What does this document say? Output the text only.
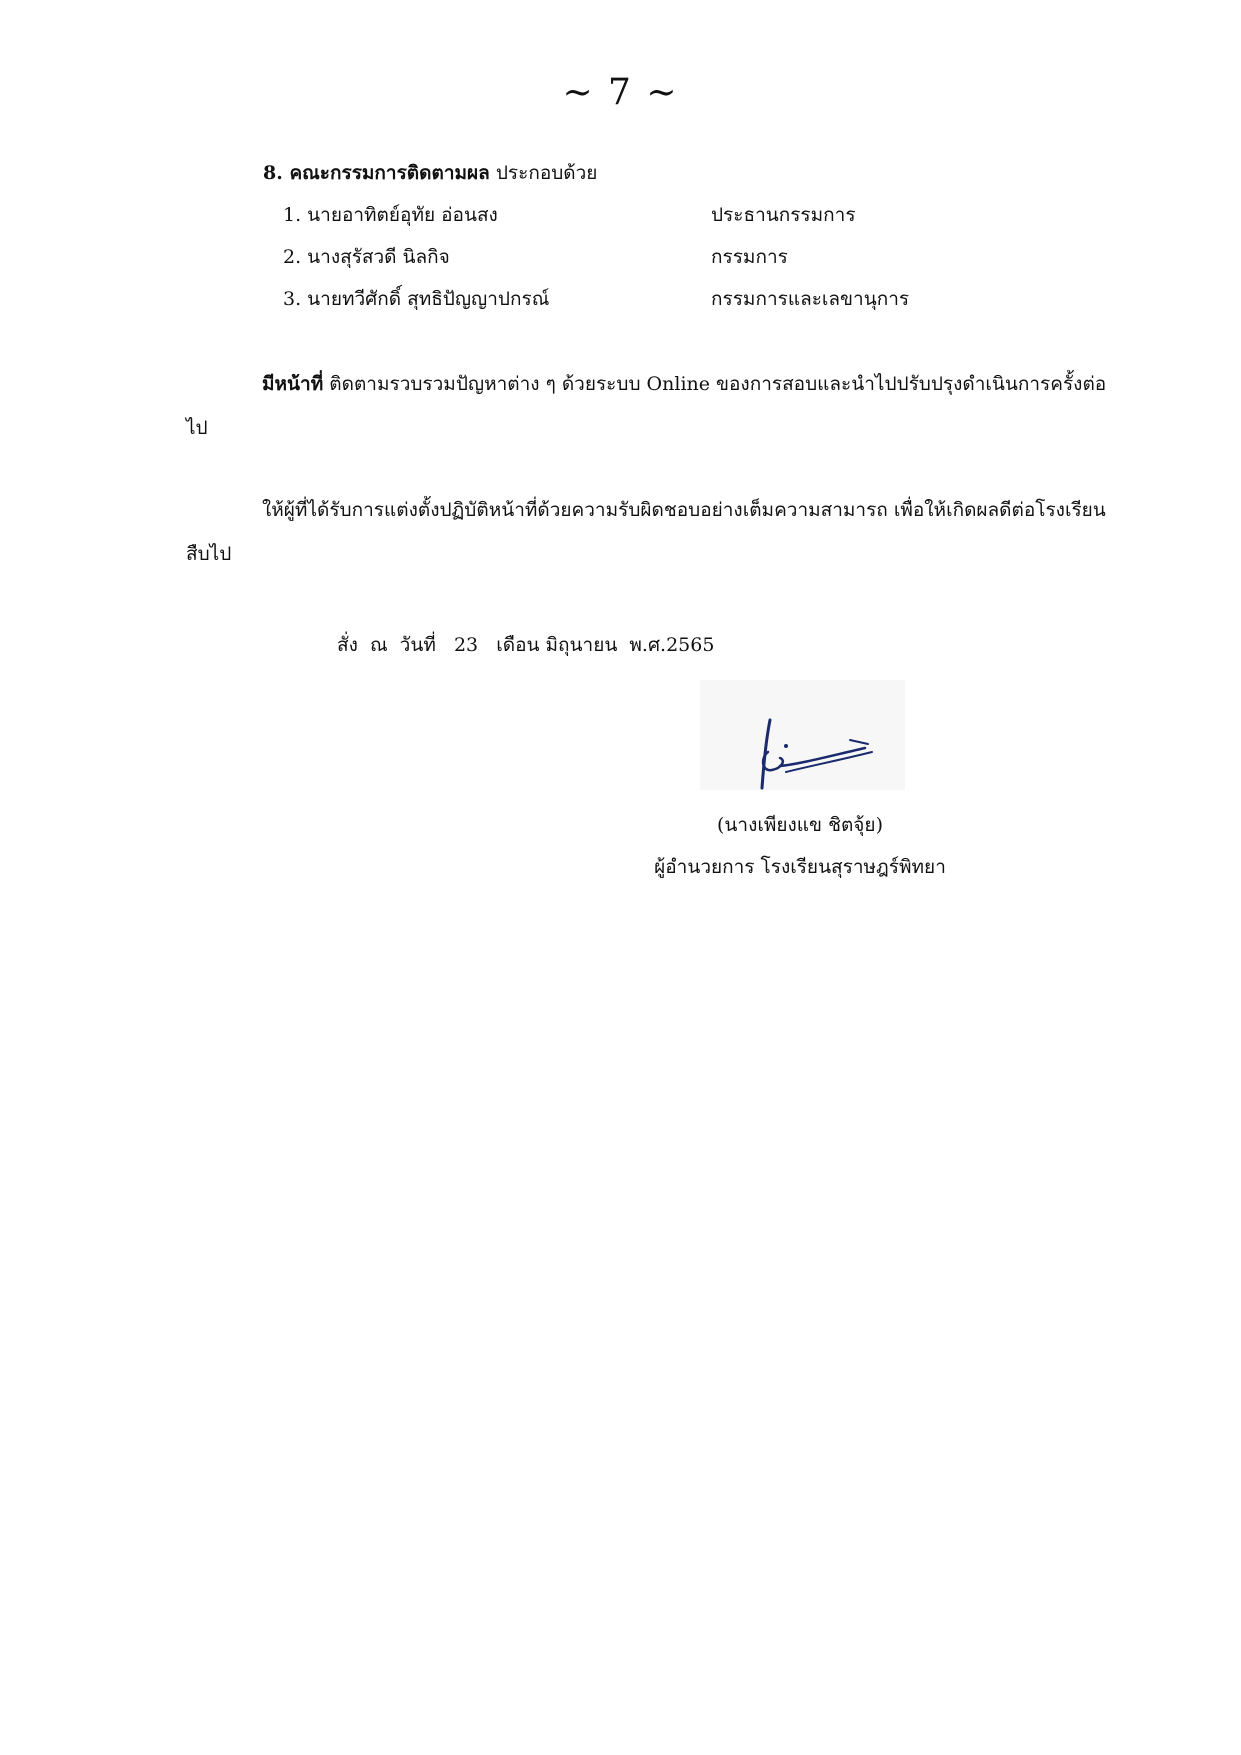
~ 7 ~
8. คณะกรรมการติดตามผล ประกอบด้วย
1. นายอาทิตย์อุทัย อ่อนสง	ประธานกรรมการ
2. นางสุรัสวดี นิลกิจ	กรรมการ
3. นายทวีศักดิ์ สุทธิปัญญาปกรณ์	กรรมการและเลขานุการ
มีหน้าที่ ติดตามรวบรวมปัญหาต่าง ๆ ด้วยระบบ Online ของการสอบและนำไปปรับปรุงดำเนินการครั้งต่อไป
ให้ผู้ที่ได้รับการแต่งตั้งปฏิบัติหน้าที่ด้วยความรับผิดชอบอย่างเต็มความสามารถ เพื่อให้เกิดผลดีต่อโรงเรียนสืบไป
สั่ง  ณ  วันที่   23   เดือน มิถุนายน  พ.ศ.2565
(นางเพียงแข ชิตจุ้ย)
ผู้อำนวยการ โรงเรียนสุราษฎร์พิทยา
